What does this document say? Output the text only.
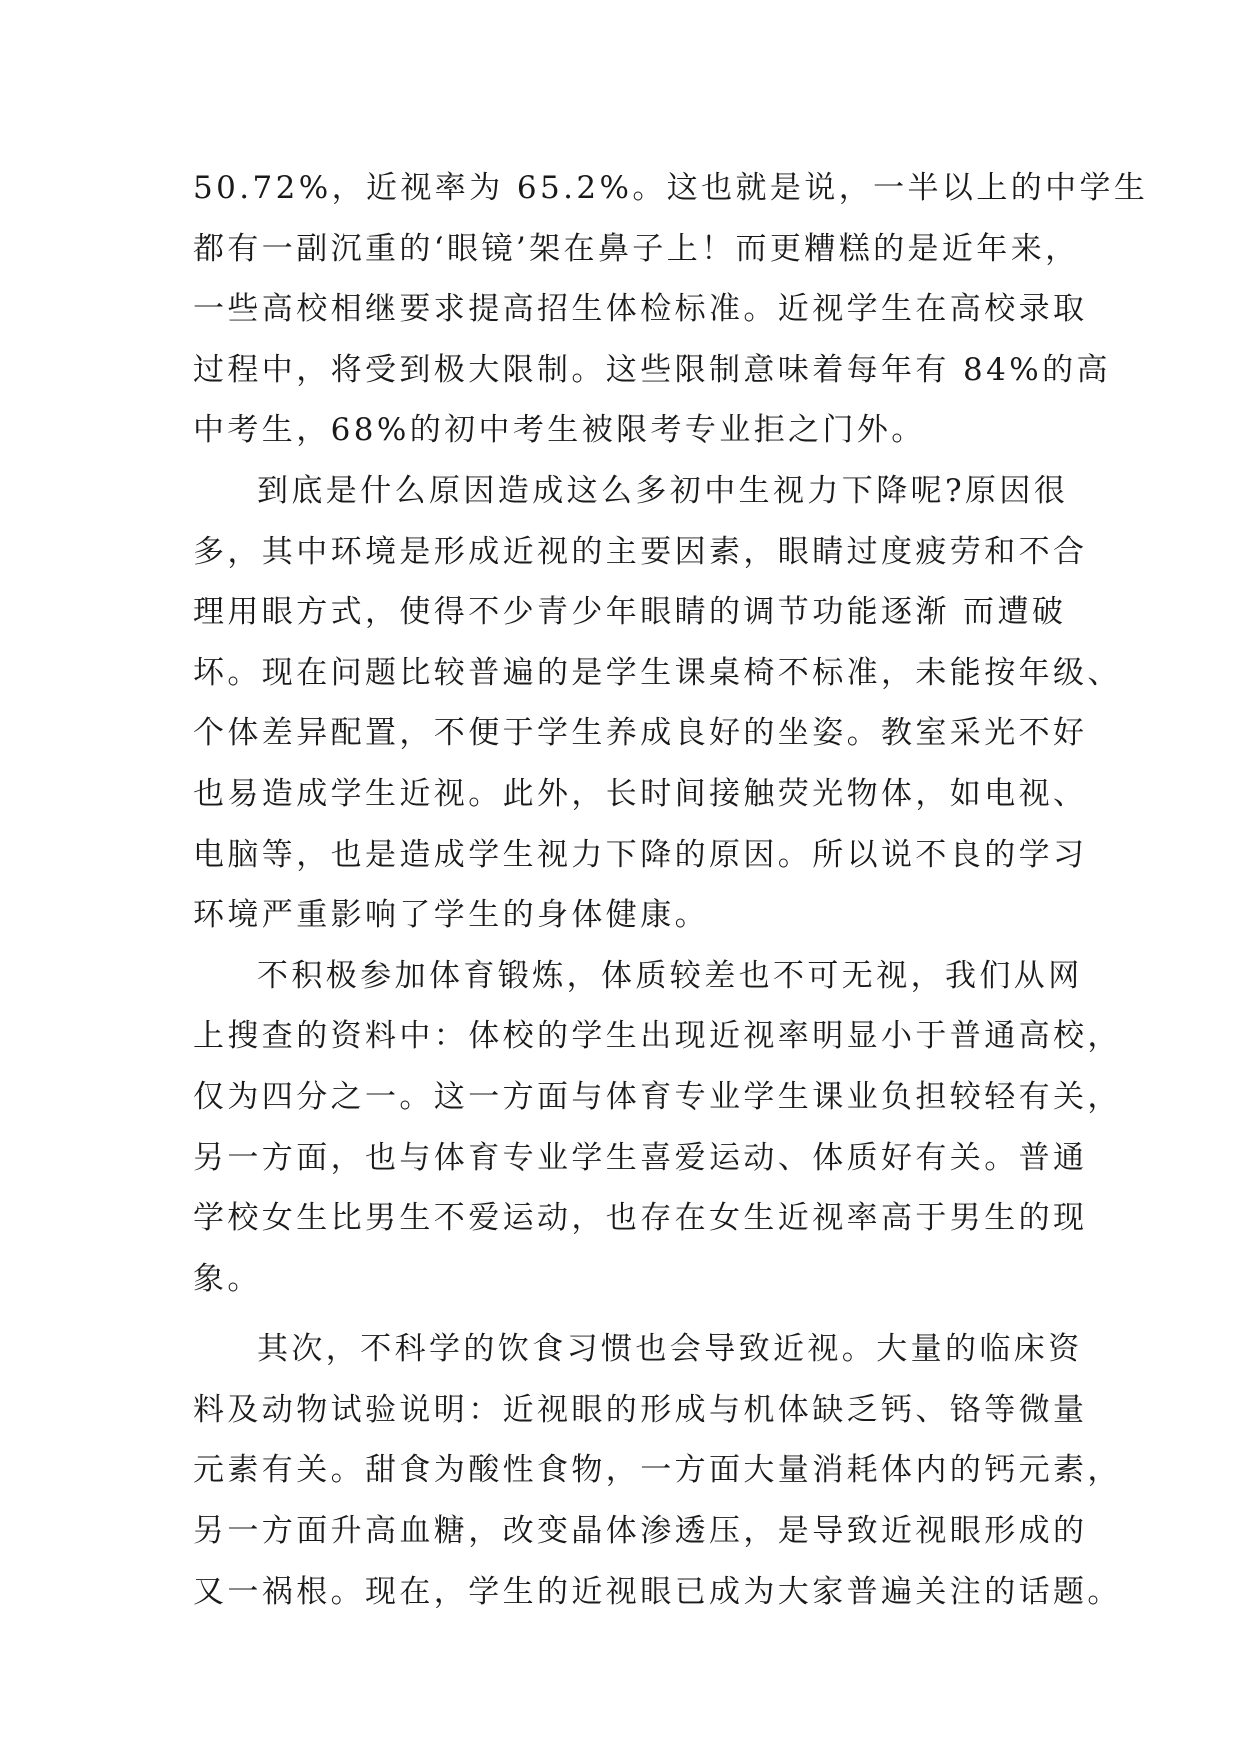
50.72%，近视率为 65.2%。这也就是说，一半以上的中学生
都有一副沉重的‘眼镜’架在鼻子上！而更糟糕的是近年来，
一些高校相继要求提高招生体检标准。近视学生在高校录取
过程中，将受到极大限制。这些限制意味着每年有 84%的高
中考生，68%的初中考生被限考专业拒之门外。
到底是什么原因造成这么多初中生视力下降呢?原因很
多，其中环境是形成近视的主要因素，眼睛过度疲劳和不合
理用眼方式，使得不少青少年眼睛的调节功能逐渐 而遭破
坏。现在问题比较普遍的是学生课桌椅不标准，未能按年级、
个体差异配置，不便于学生养成良好的坐姿。教室采光不好
也易造成学生近视。此外，长时间接触荧光物体，如电视、
电脑等，也是造成学生视力下降的原因。所以说不良的学习
环境严重影响了学生的身体健康。
不积极参加体育锻炼，体质较差也不可无视，我们从网
上搜查的资料中：体校的学生出现近视率明显小于普通高校，
仅为四分之一。这一方面与体育专业学生课业负担较轻有关，
另一方面，也与体育专业学生喜爱运动、体质好有关。普通
学校女生比男生不爱运动，也存在女生近视率高于男生的现
象。
其次，不科学的饮食习惯也会导致近视。大量的临床资
料及动物试验说明：近视眼的形成与机体缺乏钙、铬等微量
元素有关。甜食为酸性食物，一方面大量消耗体内的钙元素，
另一方面升高血糖，改变晶体渗透压，是导致近视眼形成的
又一祸根。现在，学生的近视眼已成为大家普遍关注的话题。
